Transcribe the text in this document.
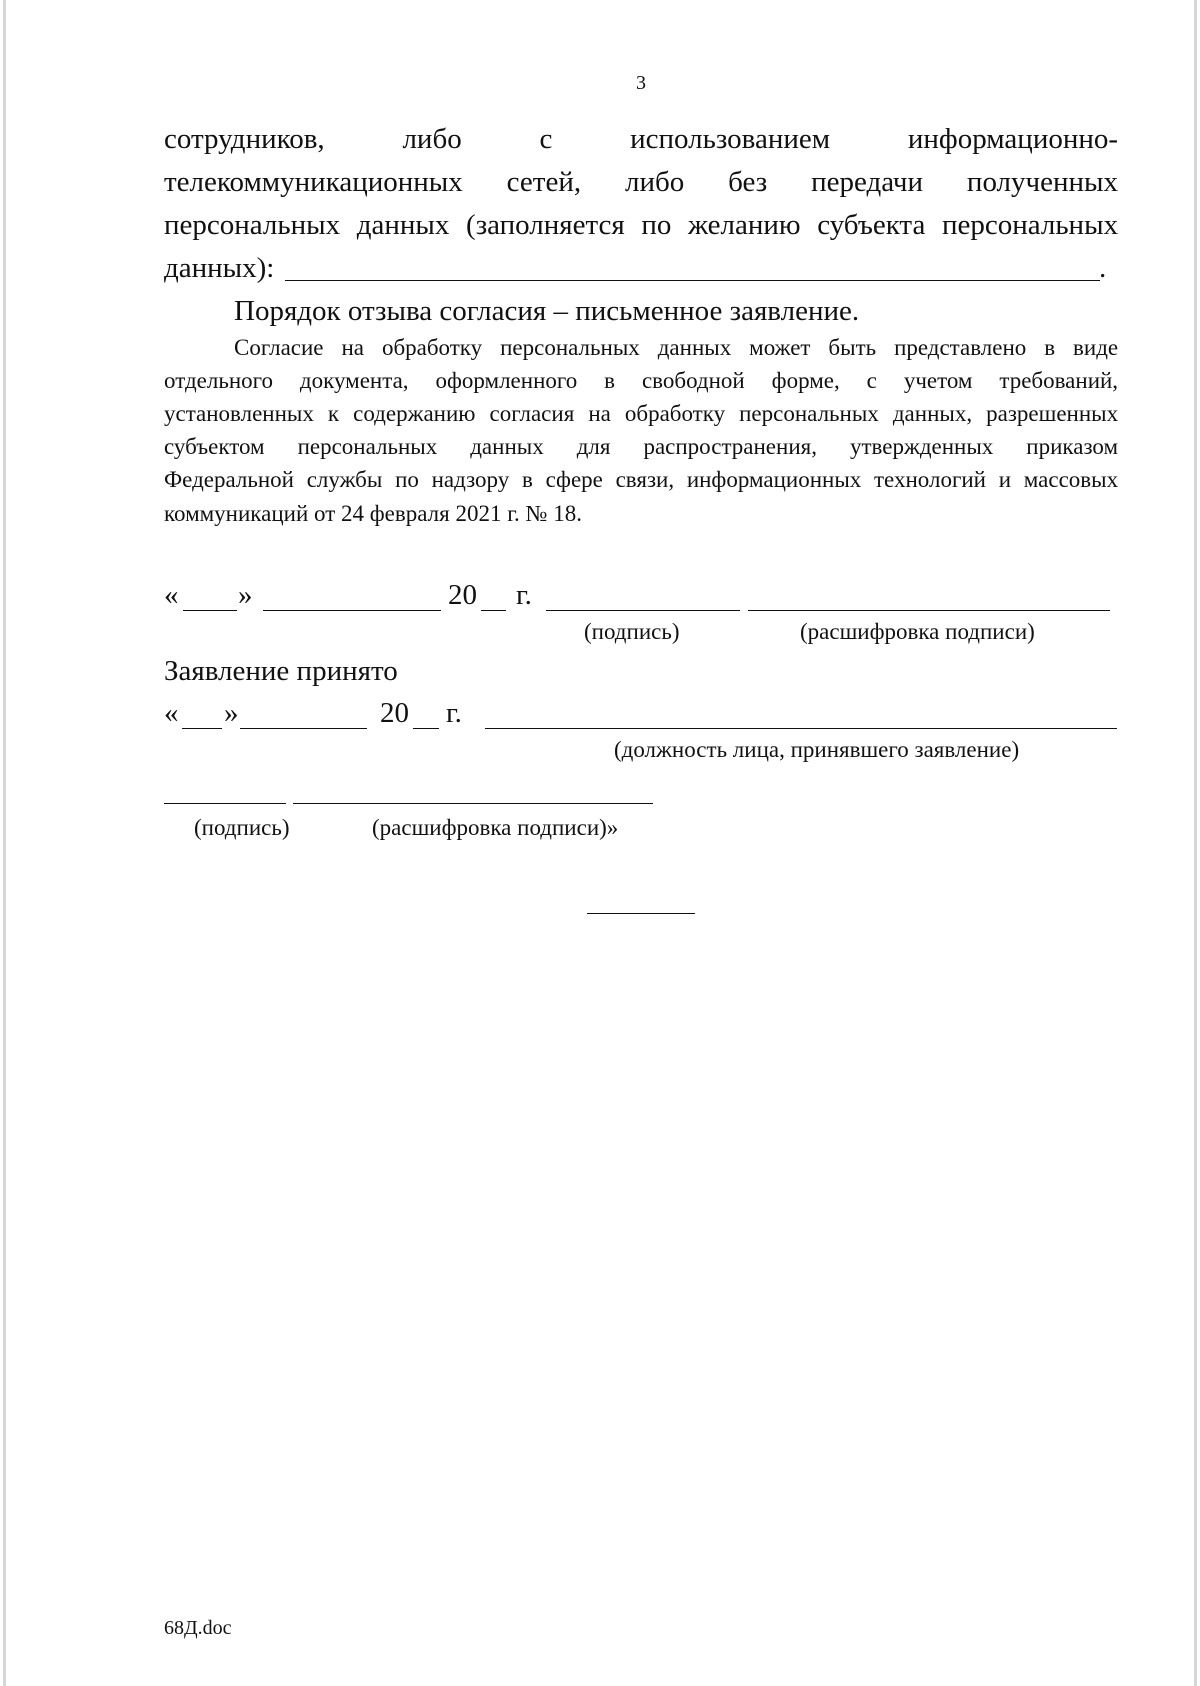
3
сотрудников,	либо	с	использованием	информационно-
телекоммуникационных сетей, либо без передачи полученных
персональных данных (заполняется по желанию субъекта персональных
данных):	.
Порядок отзыва согласия – письменное заявление.
Согласие на обработку персональных данных может быть представлено в виде
отдельного документа, оформленного в свободной форме, с учетом требований,
установленных к содержанию согласия на обработку персональных данных, разрешенных
субъектом персональных данных для распространения, утвержденных приказом
Федеральной службы по надзору в сфере связи, информационных технологий и массовых
коммуникаций от 24 февраля 2021 г. № 18.
« »	20 г.
(подпись)	(расшифровка подписи)
Заявление принято
« »	20 г.
(должность лица, принявшего заявление)
(подпись)	(расшифровка подписи)»
68Д.doc
